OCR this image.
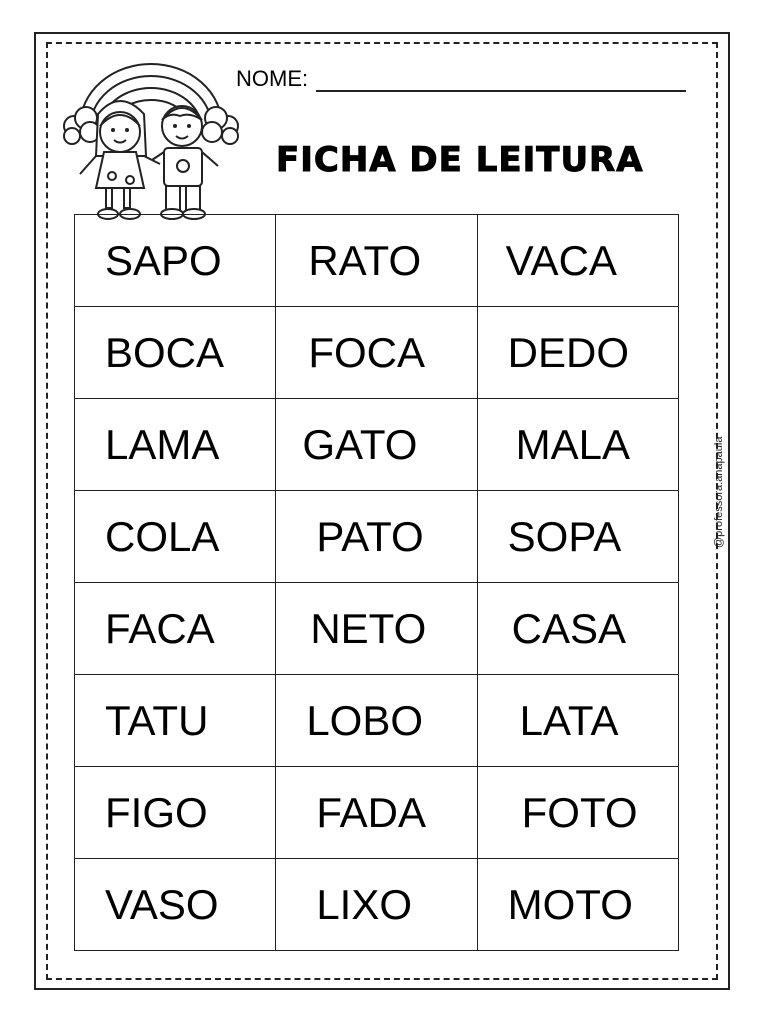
NOME:
FICHA DE LEITURA
SAPO	RATO	VACA
BOCA	FOCA	DEDO
LAMA	GATO	MALA
COLA	PATO	SOPA
FACA	NETO	CASA
TATU	LOBO	LATA
FIGO	FADA	FOTO
VASO	LIXO	MOTO
@professora.anapaula
